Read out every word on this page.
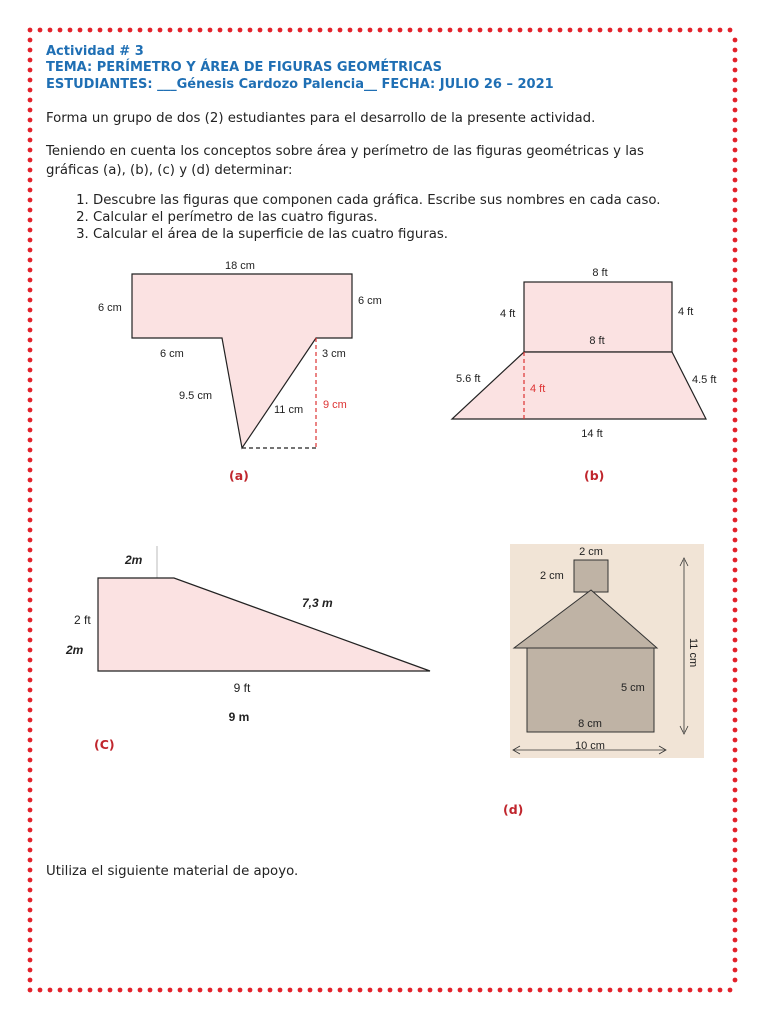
Actividad # 3
TEMA: PERÍMETRO Y ÁREA DE FIGURAS GEOMÉTRICAS
ESTUDIANTES: ___Génesis Cardozo Palencia__ FECHA: JULIO 26 – 2021
Forma un grupo de dos (2) estudiantes para el desarrollo de la presente actividad.
Teniendo en cuenta los conceptos sobre área y perímetro de las figuras geométricas y las gráficas (a), (b), (c) y (d) determinar:
1. Descubre las figuras que componen cada gráfica. Escribe sus nombres en cada caso.
2. Calcular el perímetro de las cuatro figuras.
3. Calcular el área de la superficie de las cuatro figuras.
18 cm
6 cm
6 cm
6 cm	3 cm
9.5 cm
11 cm 9 cm
(a)
8 ft
4 ft	4 ft
8 ft
5.6 ft
4 ft
4.5 ft
14 ft
(b)
2m
7,3 m
2 ft
2m
9 ft
9 m
(C)
2 cm
2 cm
11 cm
5 cm
8 cm
10 cm
(d)
Utiliza el siguiente material de apoyo.
